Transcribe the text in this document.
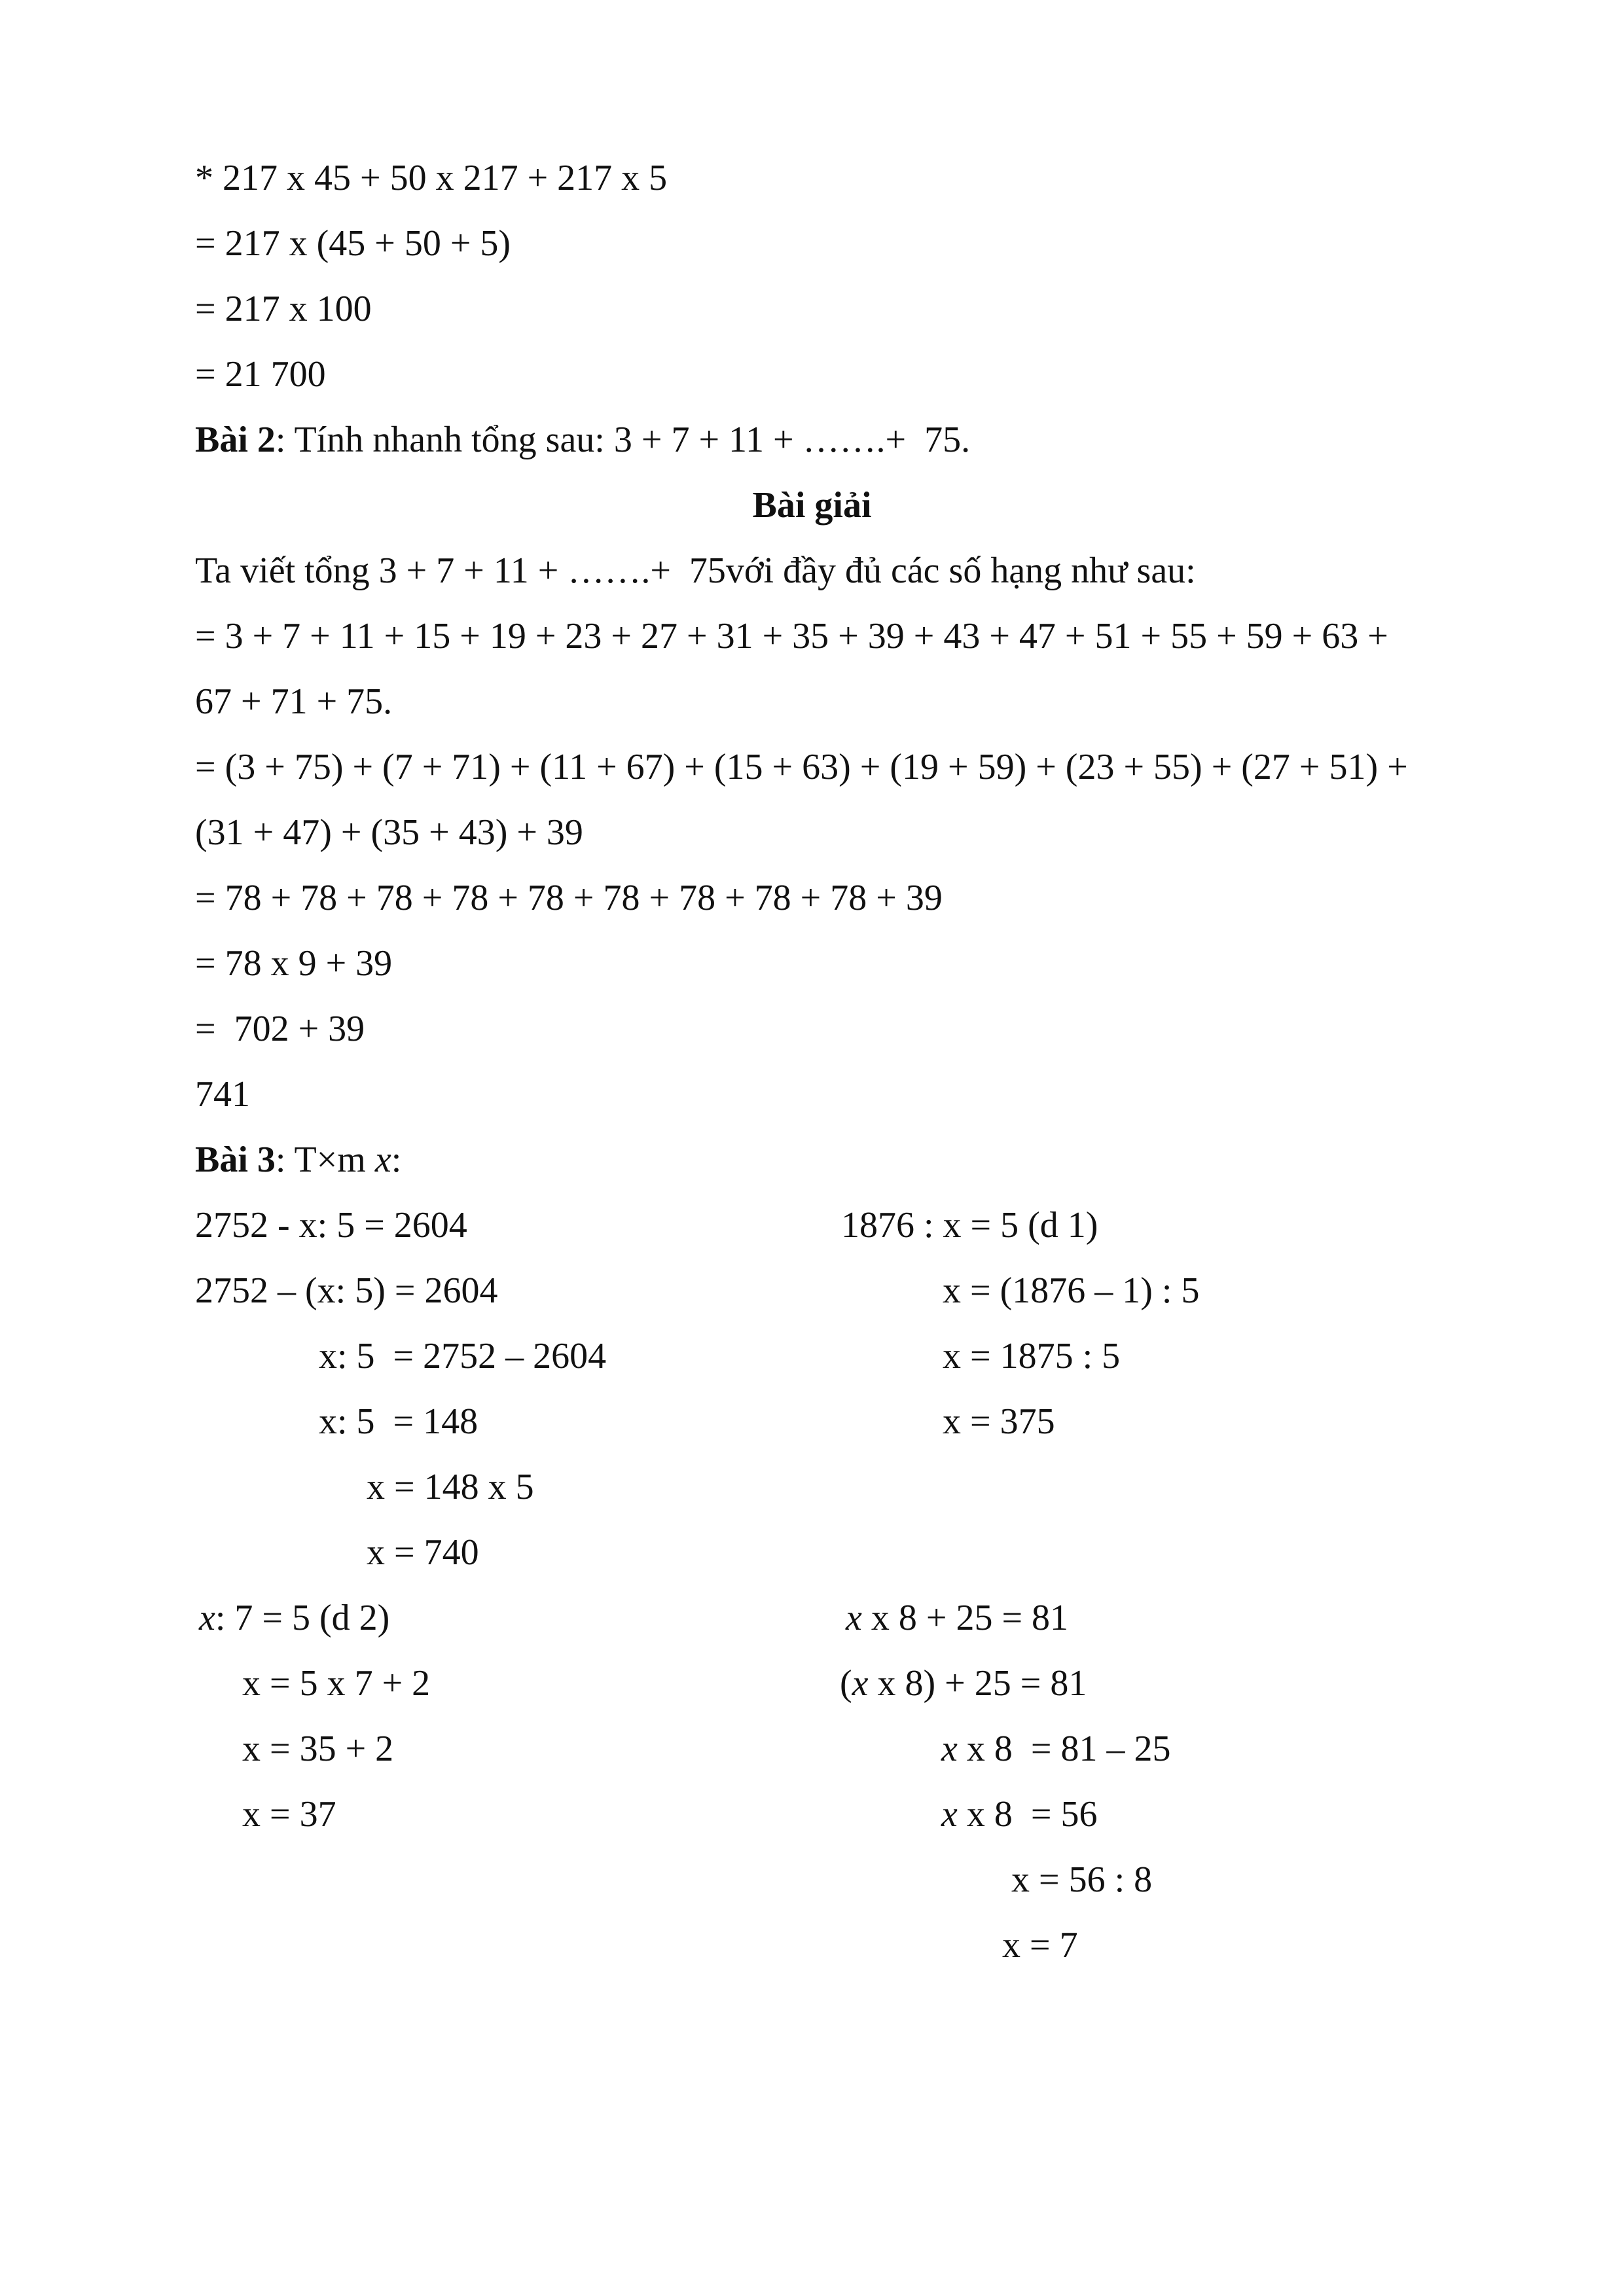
* 217 x 45 + 50 x 217 + 217 x 5
= 217 x (45 + 50 + 5)
= 217 x 100
= 21 700
Bài 2: Tính nhanh tổng sau: 3 + 7 + 11 + …….+  75.
Bài giải
Ta viết tổng 3 + 7 + 11 + …….+  75với đầy đủ các số hạng như sau:
= 3 + 7 + 11 + 15 + 19 + 23 + 27 + 31 + 35 + 39 + 43 + 47 + 51 + 55 + 59 + 63 +
67 + 71 + 75.
= (3 + 75) + (7 + 71) + (11 + 67) + (15 + 63) + (19 + 59) + (23 + 55) + (27 + 51) +
(31 + 47) + (35 + 43) + 39
= 78 + 78 + 78 + 78 + 78 + 78 + 78 + 78 + 78 + 39
= 78 x 9 + 39
=  702 + 39
741
Bài 3: T×m x:
2752 - x: 5 = 2604
2752 – (x: 5) = 2604
x: 5  = 2752 – 2604
x: 5  = 148
x = 148 x 5
x = 740
1876 : x = 5 (d 1)
x = (1876 – 1) : 5
x = 1875 : 5
x = 375
x: 7 = 5 (d 2)
x = 5 x 7 + 2
x = 35 + 2
x = 37
x x 8 + 25 = 81
(x x 8) + 25 = 81
x x 8  = 81 – 25
x x 8  = 56
x = 56 : 8
x = 7
